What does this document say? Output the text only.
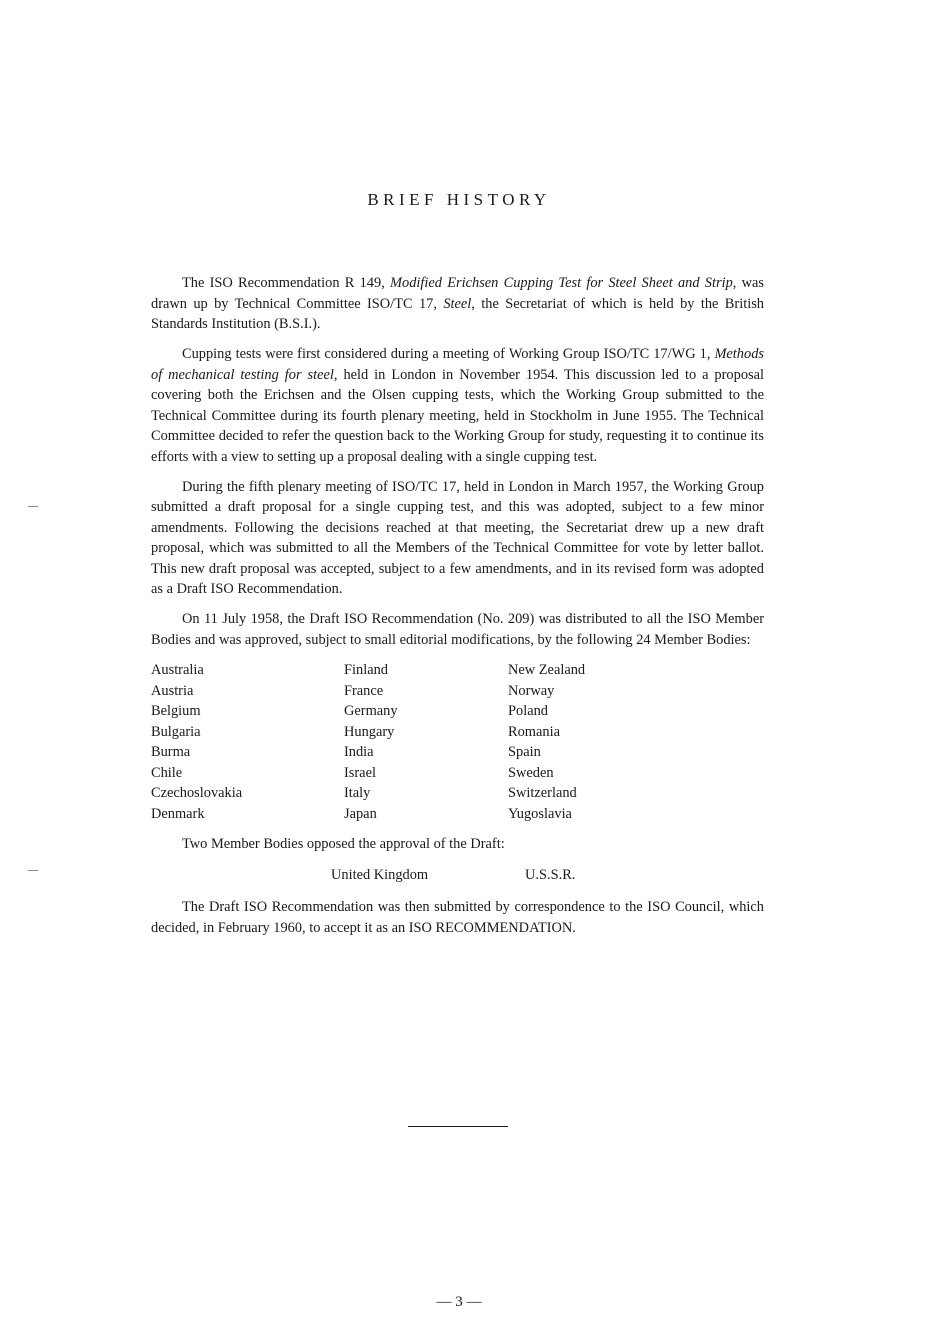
BRIEF HISTORY

The ISO Recommendation R 149, Modified Erichsen Cupping Test for Steel Sheet and Strip, was drawn up by Technical Committee ISO/TC 17, Steel, the Secretariat of which is held by the British Standards Institution (B.S.I.).

Cupping tests were first considered during a meeting of Working Group ISO/TC 17/WG 1, Methods of mechanical testing for steel, held in London in November 1954. This discussion led to a proposal covering both the Erichsen and the Olsen cupping tests, which the Working Group submitted to the Technical Committee during its fourth plenary meeting, held in Stockholm in June 1955. The Technical Committee decided to refer the question back to the Working Group for study, requesting it to continue its efforts with a view to setting up a proposal dealing with a single cupping test.

During the fifth plenary meeting of ISO/TC 17, held in London in March 1957, the Working Group submitted a draft proposal for a single cupping test, and this was adopted, subject to a few minor amendments. Following the decisions reached at that meeting, the Secretariat drew up a new draft proposal, which was submitted to all the Members of the Technical Committee for vote by letter ballot. This new draft proposal was accepted, subject to a few amendments, and in its revised form was adopted as a Draft ISO Recommendation.

On 11 July 1958, the Draft ISO Recommendation (No. 209) was distributed to all the ISO Member Bodies and was approved, subject to small editorial modifications, by the following 24 Member Bodies:

Australia
Austria
Belgium
Bulgaria
Burma
Chile
Czechoslovakia
Denmark
Finland
France
Germany
Hungary
India
Israel
Italy
Japan
New Zealand
Norway
Poland
Romania
Spain
Sweden
Switzerland
Yugoslavia

Two Member Bodies opposed the approval of the Draft:

United Kingdom	U.S.S.R.

The Draft ISO Recommendation was then submitted by correspondence to the ISO Council, which decided, in February 1960, to accept it as an ISO RECOMMENDATION.

— 3 —
